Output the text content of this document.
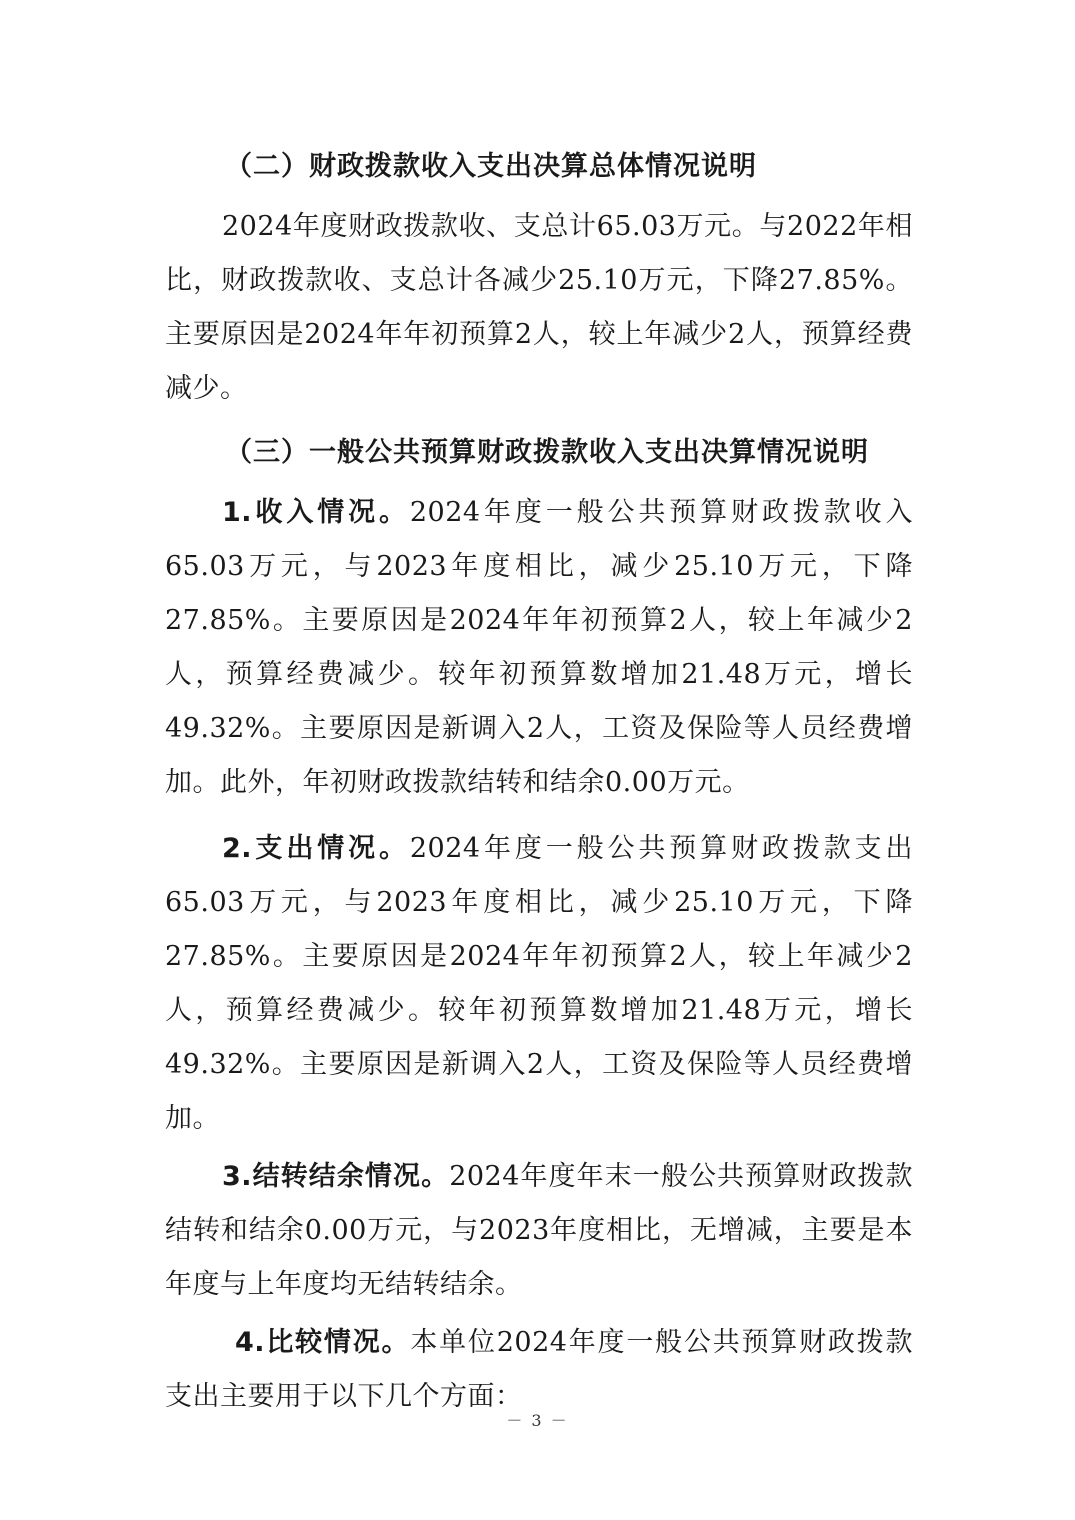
（二）财政拨款收入支出决算总体情况说明

2024年度财政拨款收、支总计65.03万元。与2022年相比，财政拨款收、支总计各减少25.10万元，下降27.85%。主要原因是2024年年初预算2人，较上年减少2人，预算经费减少。

（三）一般公共预算财政拨款收入支出决算情况说明

1.收入情况。2024年度一般公共预算财政拨款收入65.03万元，与2023年度相比，减少25.10万元，下降27.85%。主要原因是2024年年初预算2人，较上年减少2人，预算经费减少。较年初预算数增加21.48万元，增长49.32%。主要原因是新调入2人，工资及保险等人员经费增加。此外，年初财政拨款结转和结余0.00万元。

2.支出情况。2024年度一般公共预算财政拨款支出65.03万元，与2023年度相比，减少25.10万元，下降27.85%。主要原因是2024年年初预算2人，较上年减少2人，预算经费减少。较年初预算数增加21.48万元，增长49.32%。主要原因是新调入2人，工资及保险等人员经费增加。

3.结转结余情况。2024年度年末一般公共预算财政拨款结转和结余0.00万元，与2023年度相比，无增减，主要是本年度与上年度均无结转结余。

4.比较情况。本单位2024年度一般公共预算财政拨款支出主要用于以下几个方面：

－ 3 －
